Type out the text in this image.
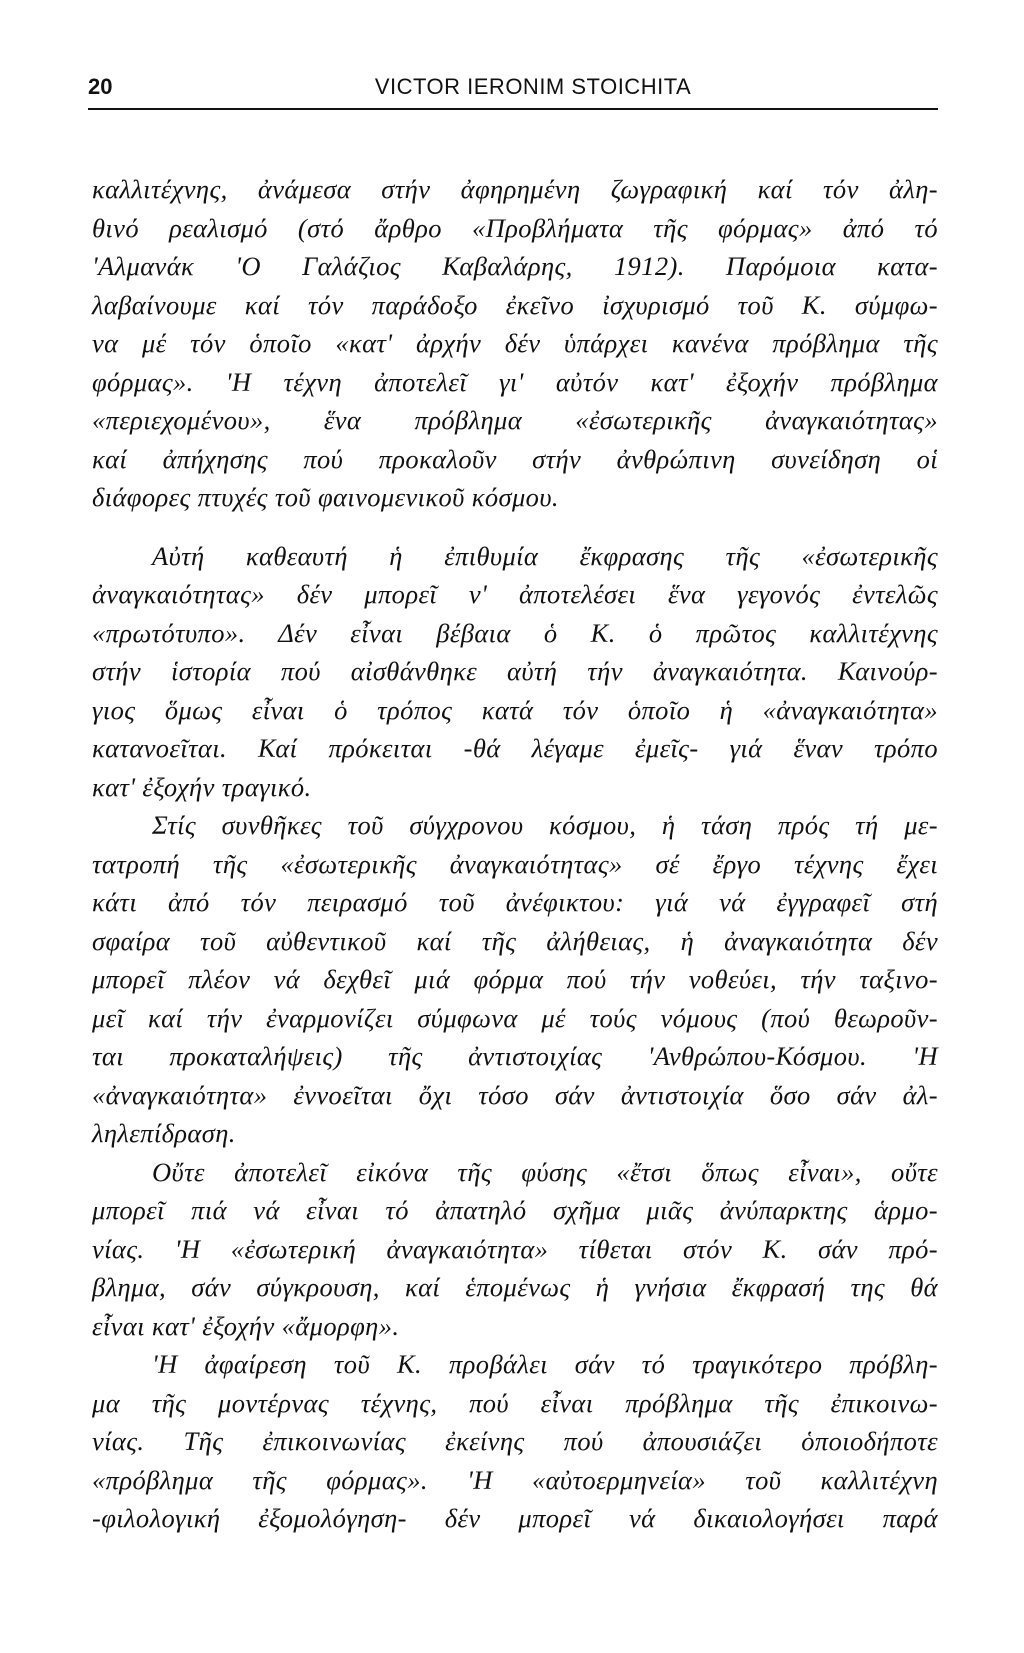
20	VICTOR IERONIM STOICHITA
καλλιτέχνης, ἀνάμεσα στήν ἀφηρημένη ζωγραφική καί τόν ἀλη-
θινό ρεαλισμό (στό ἄρθρο «Προβλήματα τῆς φόρμας» ἀπό τό
'Αλμανάκ 'Ο Γαλάζιος Καβαλάρης, 1912). Παρόμοια κατα-
λαβαίνουμε καί τόν παράδοξο ἐκεῖνο ἰσχυρισμό τοῦ Κ. σύμφω-
να μέ τόν ὁποῖο «κατ' ἀρχήν δέν ὑπάρχει κανένα πρόβλημα τῆς
φόρμας». 'Η τέχνη ἀποτελεῖ γι' αὐτόν κατ' ἐξοχήν πρόβλημα
«περιεχομένου», ἕνα πρόβλημα «ἐσωτερικῆς ἀναγκαιότητας»
καί ἀπήχησης πού προκαλοῦν στήν ἀνθρώπινη συνείδηση οἱ
διάφορες πτυχές τοῦ φαινομενικοῦ κόσμου.
Αὐτή καθεαυτή ἡ ἐπιθυμία ἔκφρασης τῆς «ἐσωτερικῆς
ἀναγκαιότητας» δέν μπορεῖ ν' ἀποτελέσει ἕνα γεγονός ἐντελῶς
«πρωτότυπο». Δέν εἶναι βέβαια ὁ Κ. ὁ πρῶτος καλλιτέχνης
στήν ἱστορία πού αἰσθάνθηκε αὐτή τήν ἀναγκαιότητα. Καινούρ-
γιος ὅμως εἶναι ὁ τρόπος κατά τόν ὁποῖο ἡ «ἀναγκαιότητα»
κατανοεῖται. Καί πρόκειται -θά λέγαμε ἐμεῖς- γιά ἕναν τρόπο
κατ' ἐξοχήν τραγικό.
Στίς συνθῆκες τοῦ σύγχρονου κόσμου, ἡ τάση πρός τή με-
τατροπή τῆς «ἐσωτερικῆς ἀναγκαιότητας» σέ ἔργο τέχνης ἔχει
κάτι ἀπό τόν πειρασμό τοῦ ἀνέφικτου: γιά νά ἐγγραφεῖ στή
σφαίρα τοῦ αὐθεντικοῦ καί τῆς ἀλήθειας, ἡ ἀναγκαιότητα δέν
μπορεῖ πλέον νά δεχθεῖ μιά φόρμα πού τήν νοθεύει, τήν ταξινο-
μεῖ καί τήν ἐναρμονίζει σύμφωνα μέ τούς νόμους (πού θεωροῦν-
ται προκαταλήψεις) τῆς ἀντιστοιχίας 'Ανθρώπου-Κόσμου. 'Η
«ἀναγκαιότητα» ἐννοεῖται ὄχι τόσο σάν ἀντιστοιχία ὅσο σάν ἀλ-
ληλεπίδραση.
Οὔτε ἀποτελεῖ εἰκόνα τῆς φύσης «ἔτσι ὅπως εἶναι», οὔτε
μπορεῖ πιά νά εἶναι τό ἀπατηλό σχῆμα μιᾶς ἀνύπαρκτης ἁρμο-
νίας. 'Η «ἐσωτερική ἀναγκαιότητα» τίθεται στόν Κ. σάν πρό-
βλημα, σάν σύγκρουση, καί ἑπομένως ἡ γνήσια ἔκφρασή της θά
εἶναι κατ' ἐξοχήν «ἄμορφη».
'Η ἀφαίρεση τοῦ Κ. προβάλει σάν τό τραγικότερο πρόβλη-
μα τῆς μοντέρνας τέχνης, πού εἶναι πρόβλημα τῆς ἐπικοινω-
νίας. Τῆς ἐπικοινωνίας ἐκείνης πού ἀπουσιάζει ὁποιοδήποτε
«πρόβλημα τῆς φόρμας». 'Η «αὐτοερμηνεία» τοῦ καλλιτέχνη
-φιλολογική ἐξομολόγηση- δέν μπορεῖ νά δικαιολογήσει παρά
